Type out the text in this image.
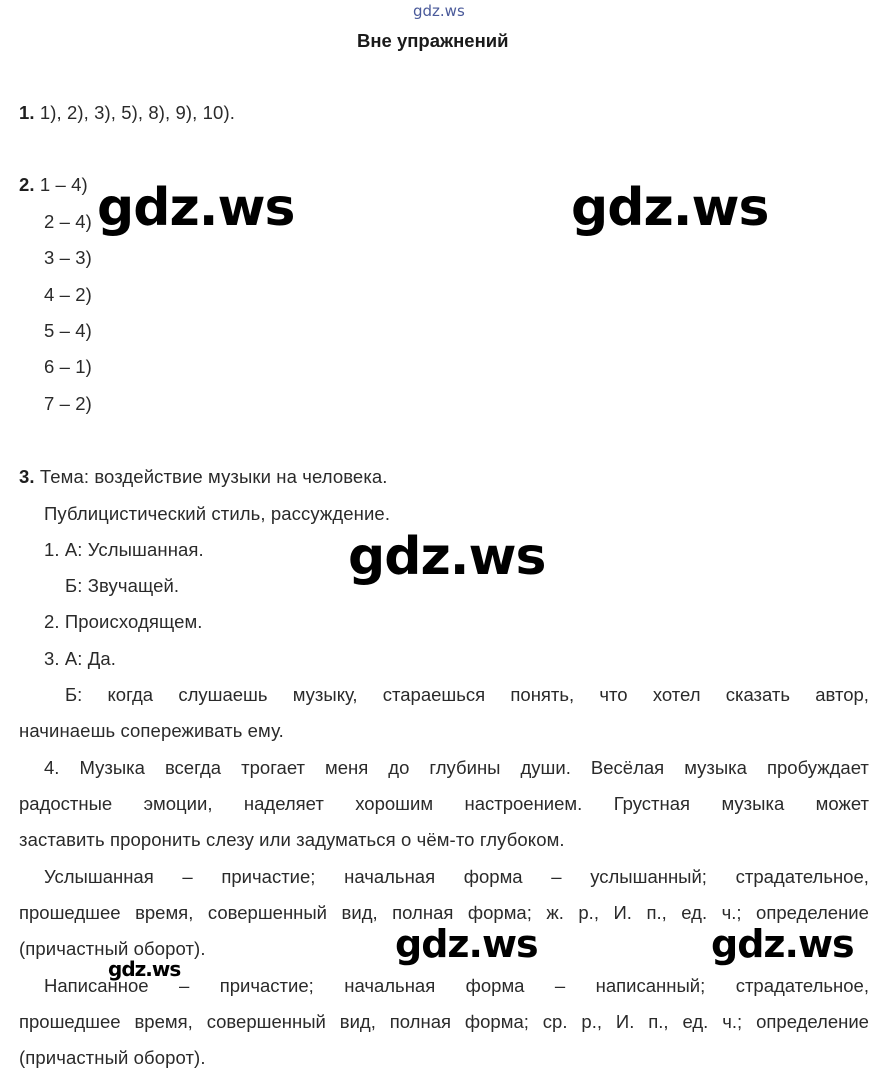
gdz.ws
gdz.ws	gdz.ws
gdz.ws
gdz.ws	gdz.ws
gdz.ws
Вне упражнений
1. 1), 2), 3), 5), 8), 9), 10).
2. 1 – 4)
2 – 4)
3 – 3)
4 – 2)
5 – 4)
6 – 1)
7 – 2)
3. Тема: воздействие музыки на человека.
Публицистический стиль, рассуждение.
1. А: Услышанная.
Б: Звучащей.
2. Происходящем.
3. А: Да.
Б: когда слушаешь музыку, стараешься понять, что хотел сказать автор,
начинаешь сопереживать ему.
4. Музыка всегда трогает меня до глубины души. Весёлая музыка пробуждает
радостные эмоции, наделяет хорошим настроением. Грустная музыка может
заставить проронить слезу или задуматься о чём-то глубоком.
Услышанная – причастие; начальная форма – услышанный; страдательное,
прошедшее время, совершенный вид, полная форма; ж. р., И. п., ед. ч.; определение
(причастный оборот).
Написанное – причастие; начальная форма – написанный; страдательное,
прошедшее время, совершенный вид, полная форма; ср. р., И. п., ед. ч.; определение
(причастный оборот).
